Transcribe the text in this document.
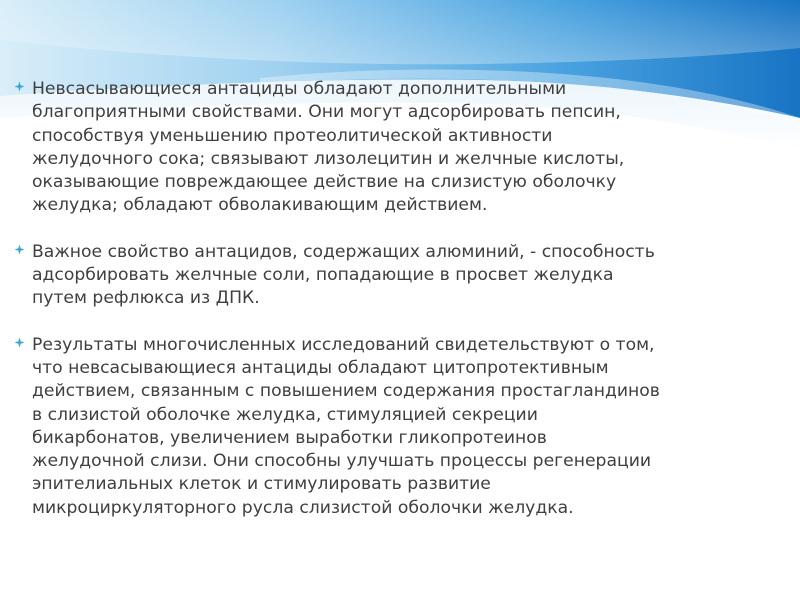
Невсасывающиеся антациды обладают дополнительными
благоприятными свойствами. Они могут адсорбировать пепсин,
способствуя уменьшению протеолитической активности
желудочного сока; связывают лизолецитин и желчные кислоты,
оказывающие повреждающее действие на слизистую оболочку
желудка; обладают обволакивающим действием.
Важное свойство антацидов, содержащих алюминий, - способность
адсорбировать желчные соли, попадающие в просвет желудка
путем рефлюкса из ДПК.
Результаты многочисленных исследований свидетельствуют о том,
что невсасывающиеся антациды обладают цитопротективным
действием, связанным с повышением содержания простагландинов
в слизистой оболочке желудка, стимуляцией секреции
бикарбонатов, увеличением выработки гликопротеинов
желудочной слизи. Они способны улучшать процессы регенерации
эпителиальных клеток и стимулировать развитие
микроциркуляторного русла слизистой оболочки желудка.
